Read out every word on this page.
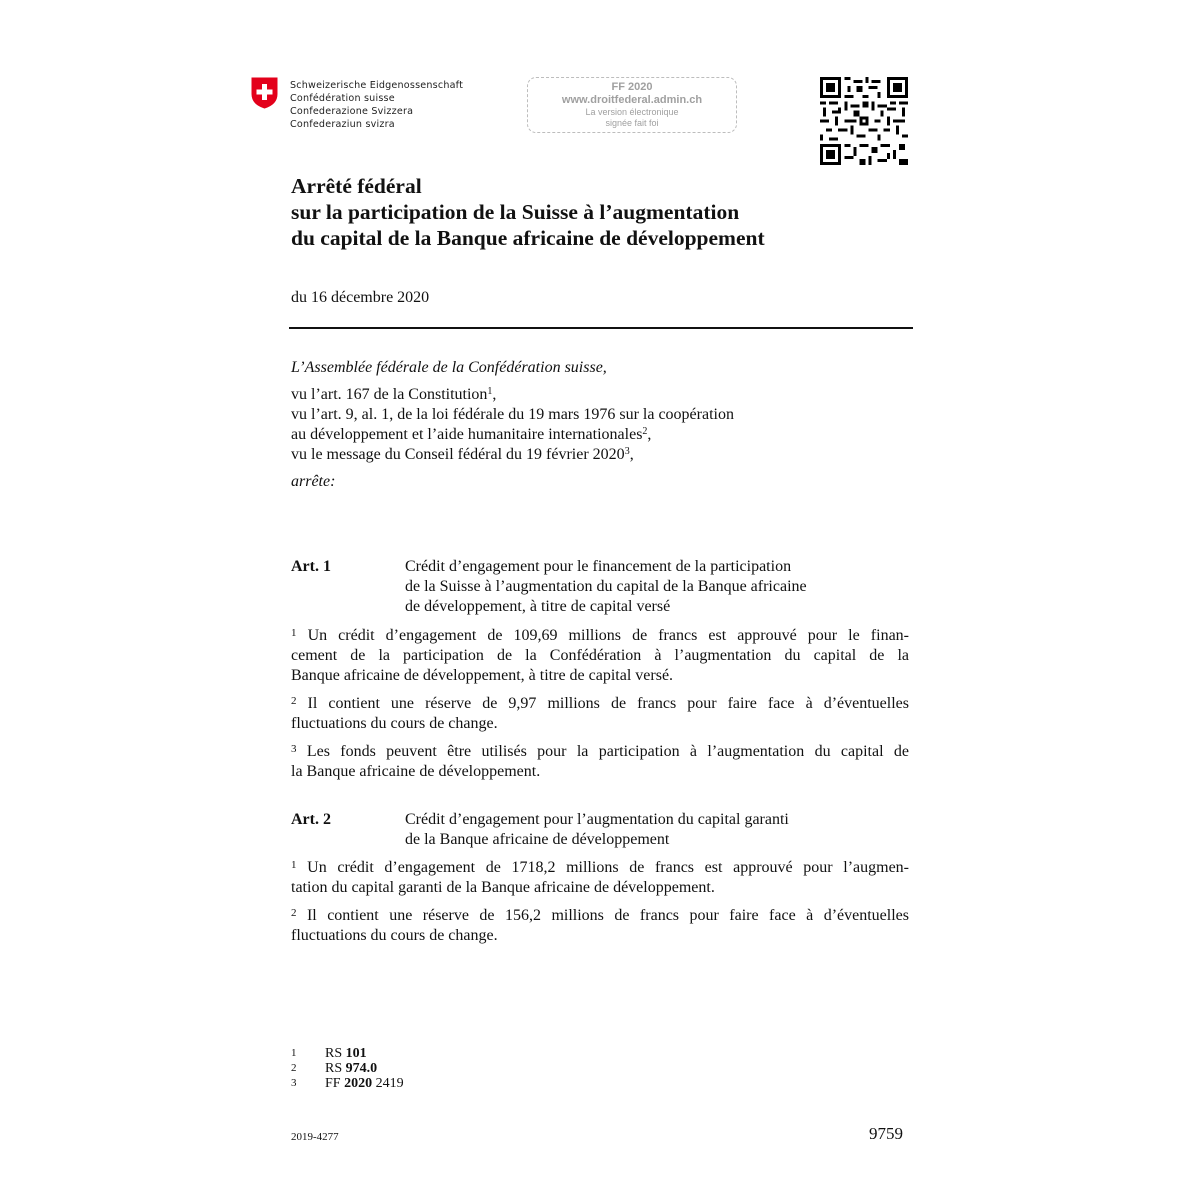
Schweizerische Eidgenossenschaft
Confédération suisse
Confederazione Svizzera
Confederaziun svizra
FF 2020
www.droitfederal.admin.ch
La version électronique
signée fait foi
Arrêté fédéral
sur la participation de la Suisse à l’augmentation
du capital de la Banque africaine de développement
du 16 décembre 2020
L’Assemblée fédérale de la Confédération suisse,
vu l’art. 167 de la Constitution$^1$,
vu l’art. 9, al. 1, de la loi fédérale du 19 mars 1976 sur la coopération
au développement et l’aide humanitaire internationales$^2$,
vu le message du Conseil fédéral du 19 février 2020$^3$,
arrête:
Art. 1	Crédit d’engagement pour le financement de la participation
de la Suisse à l’augmentation du capital de la Banque africaine
de développement, à titre de capital versé
$^1$ Un crédit d’engagement de 109,69 millions de francs est approuvé pour le finan-
cement de la participation de la Confédération à l’augmentation du capital de la
Banque africaine de développement, à titre de capital versé.
$^2$ Il contient une réserve de 9,97 millions de francs pour faire face à d’éventuelles
fluctuations du cours de change.
$^3$ Les fonds peuvent être utilisés pour la participation à l’augmentation du capital de
la Banque africaine de développement.
Art. 2	Crédit d’engagement pour l’augmentation du capital garanti
de la Banque africaine de développement
$^1$ Un crédit d’engagement de 1718,2 millions de francs est approuvé pour l’augmen-
tation du capital garanti de la Banque africaine de développement.
$^2$ Il contient une réserve de 156,2 millions de francs pour faire face à d’éventuelles
fluctuations du cours de change.
1	RS 101
2	RS 974.0
3	FF 2020 2419
2019-4277	9759
